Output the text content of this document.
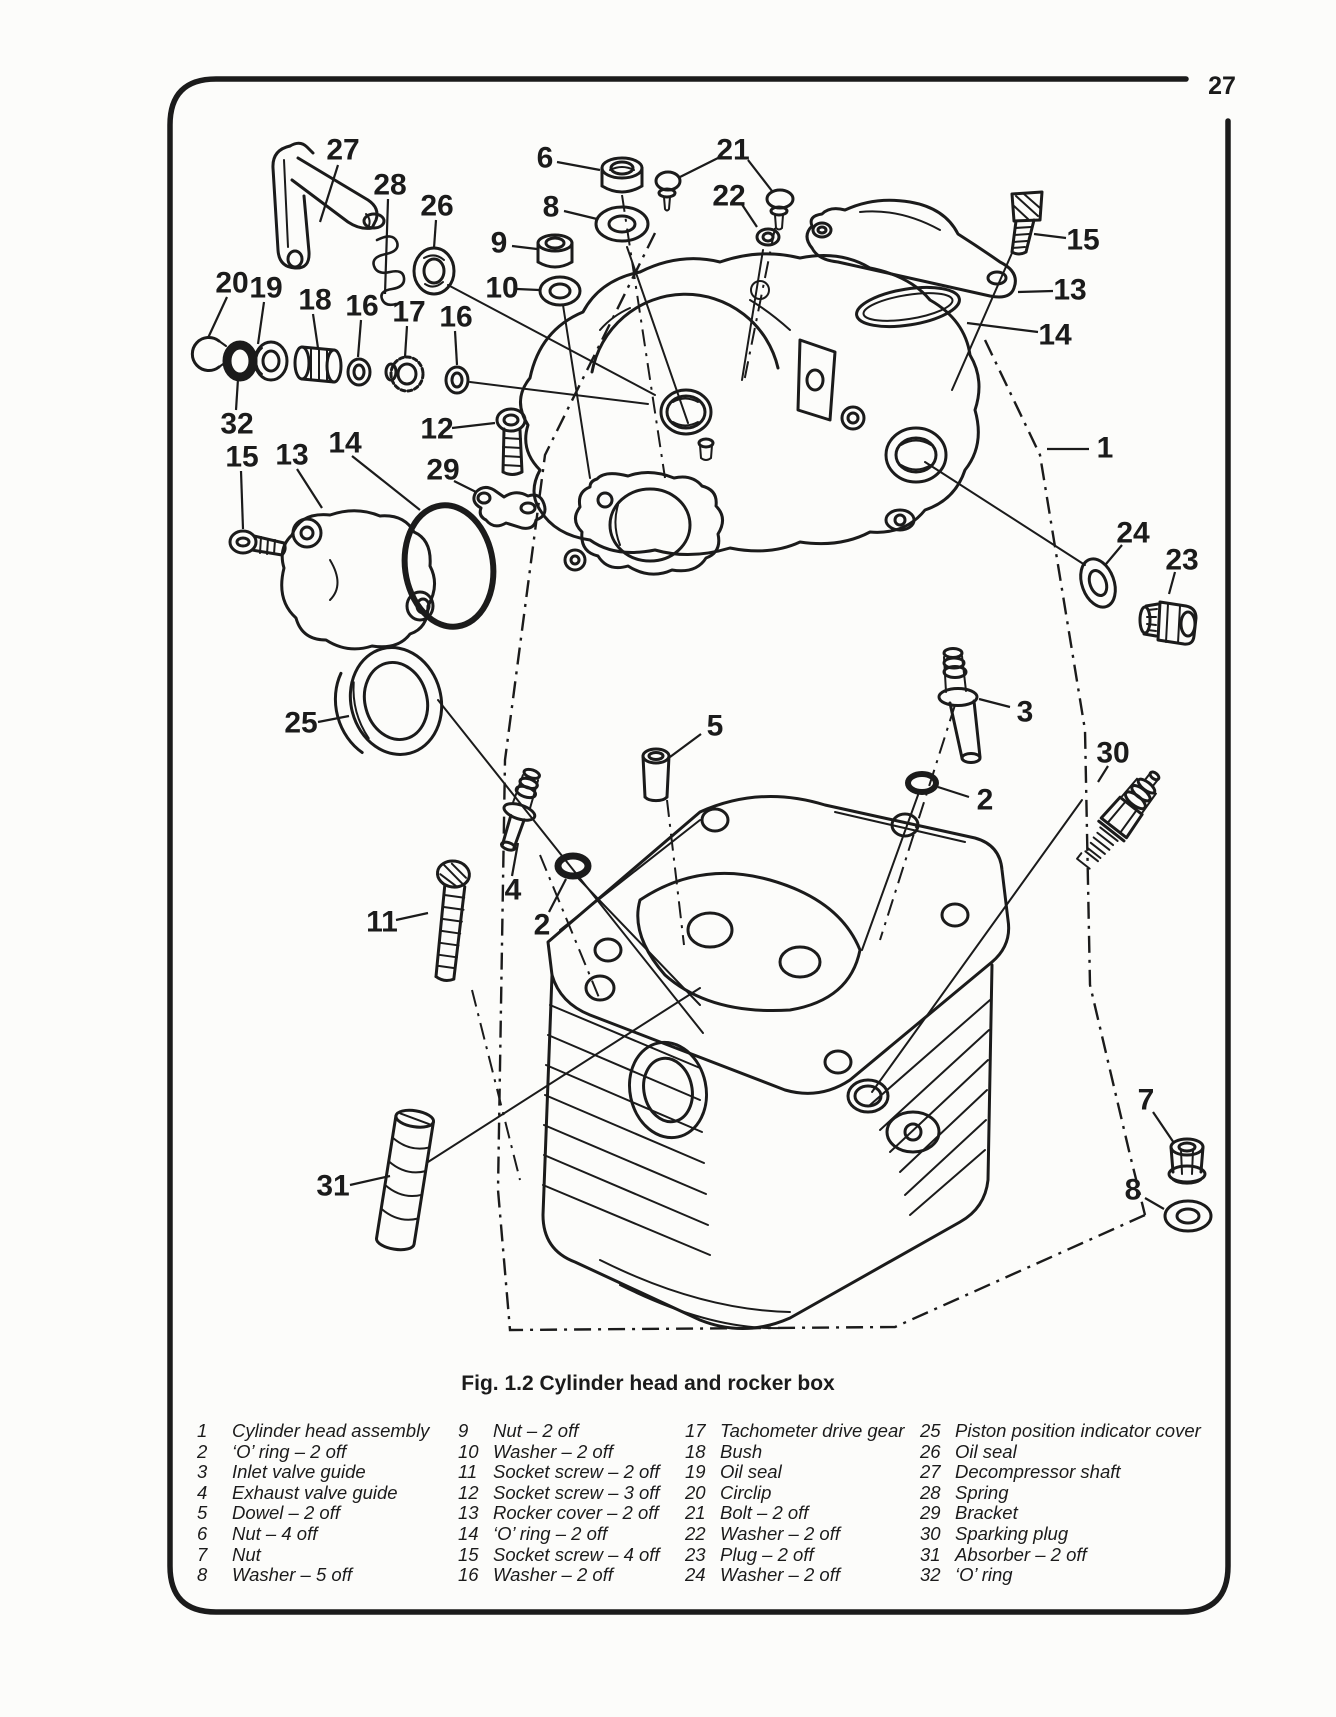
27
28
26
6
8
9
10
21
22
15
13
14
20 19 18 16 17 16
32	12
15 13 14
29
1
24
23
25	5	3
2
30
4
2
11
31
7
8
27
Fig. 1.2 Cylinder head and rocker box
1	Cylinder head assembly
2	‘O’ ring – 2 off
3	Inlet valve guide
4	Exhaust valve guide
5	Dowel – 2 off
6	Nut – 4 off
7	Nut
8	Washer – 5 off
9	Nut – 2 off
10 Washer – 2 off
11 Socket screw – 2 off
12 Socket screw – 3 off
13 Rocker cover – 2 off
14 ‘O’ ring – 2 off
15 Socket screw – 4 off
16 Washer – 2 off
17 Tachometer drive gear
18 Bush
19 Oil seal
20 Circlip
21 Bolt – 2 off
22 Washer – 2 off
23 Plug – 2 off
24 Washer – 2 off
25 Piston position indicator cover
26 Oil seal
27 Decompressor shaft
28 Spring
29 Bracket
30 Sparking plug
31 Absorber – 2 off
32 ‘O’ ring
